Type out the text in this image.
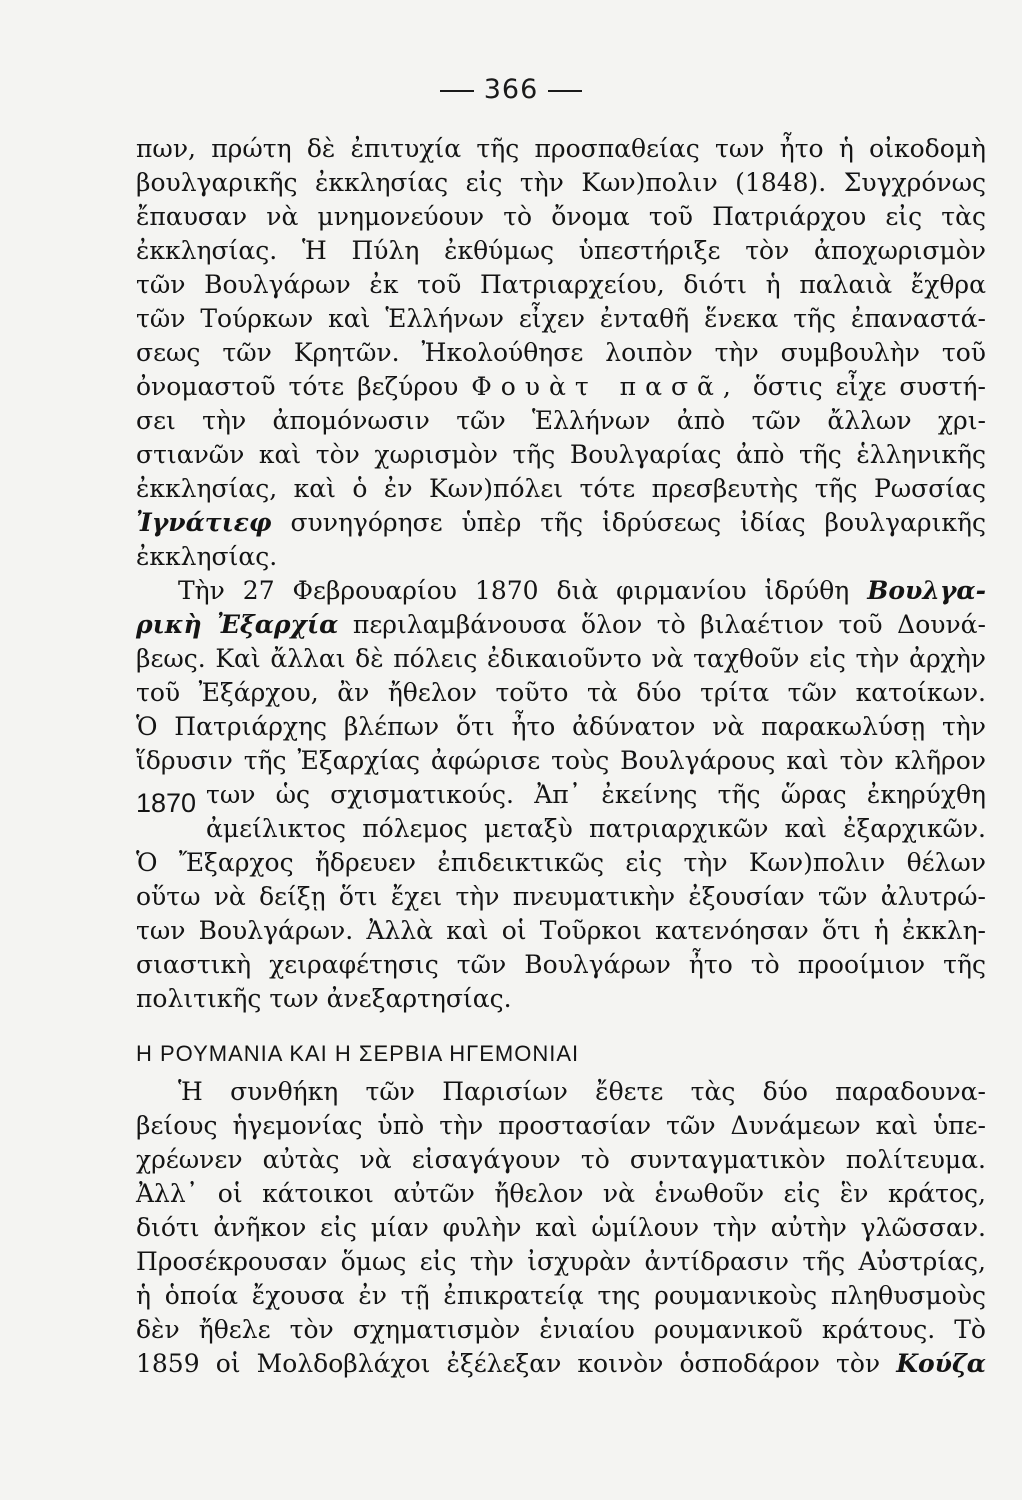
366
πων, πρώτη δὲ ἐπιτυχία τῆς προσπαθείας των ἦτο ἡ οἰκοδομὴ
βουλγαρικῆς ἐκκλησίας εἰς τὴν Κων)πολιν (1848). Συγχρόνως
ἔπαυσαν νὰ μνημονεύουν τὸ ὄνομα τοῦ Πατριάρχου εἰς τὰς
ἐκκλησίας. Ἡ Πύλη ἐκθύμως ὑπεστήριξε τὸν ἀποχωρισμὸν
τῶν Βουλγάρων ἐκ τοῦ Πατριαρχείου, διότι ἡ παλαιὰ ἔχθρα
τῶν Τούρκων καὶ Ἑλλήνων εἶχεν ἐνταθῆ ἕνεκα τῆς ἐπαναστά-
σεως τῶν Κρητῶν. Ἠκολούθησε λοιπὸν τὴν συμβουλὴν τοῦ
ὀνομαστοῦ τότε βεζύρου Φουὰτ πασᾶ, ὅστις εἶχε συστή-
σει τὴν ἀπομόνωσιν τῶν Ἑλλήνων ἀπὸ τῶν ἄλλων χρι-
στιανῶν καὶ τὸν χωρισμὸν τῆς Βουλγαρίας ἀπὸ τῆς ἑλληνικῆς
ἐκκλησίας, καὶ ὁ ἐν Κων)πόλει τότε πρεσβευτὴς τῆς Ρωσσίας
Ἰγνάτιεφ συνηγόρησε ὑπὲρ τῆς ἱδρύσεως ἰδίας βουλγαρικῆς
ἐκκλησίας.
Τὴν 27 Φεβρουαρίου 1870 διὰ φιρμανίου ἱδρύθη Βουλγα-
ρικὴ Ἐξαρχία περιλαμβάνουσα ὅλον τὸ βιλαέτιον τοῦ Δουνά-
βεως. Καὶ ἄλλαι δὲ πόλεις ἐδικαιοῦντο νὰ ταχθοῦν εἰς τὴν ἀρχὴν
τοῦ Ἐξάρχου, ἂν ἤθελον τοῦτο τὰ δύο τρίτα τῶν κατοίκων.
Ὁ Πατριάρχης βλέπων ὅτι ἦτο ἀδύνατον νὰ παρακωλύσῃ τὴν
ἵδρυσιν τῆς Ἐξαρχίας ἀφώρισε τοὺς Βουλγάρους καὶ τὸν κλῆρον
των ὡς σχισματικούς. Ἀπ᾽ ἐκείνης τῆς ὥρας ἐκηρύχθη
ἀμείλικτος πόλεμος μεταξὺ πατριαρχικῶν καὶ ἐξαρχικῶν.
Ὁ Ἔξαρχος ἤδρευεν ἐπιδεικτικῶς εἰς τὴν Κων)πολιν θέλων
οὕτω νὰ δείξῃ ὅτι ἔχει τὴν πνευματικὴν ἐξουσίαν τῶν ἀλυτρώ-
των Βουλγάρων. Ἀλλὰ καὶ οἱ Τοῦρκοι κατενόησαν ὅτι ἡ ἐκκλη-
σιαστικὴ χειραφέτησις τῶν Βουλγάρων ἦτο τὸ προοίμιον τῆς
πολιτικῆς των ἀνεξαρτησίας.
1870
Η ΡΟΥΜΑΝΙΑ ΚΑΙ Η ΣΕΡΒΙΑ ΗΓΕΜΟΝΙΑΙ
Ἡ συνθήκη τῶν Παρισίων ἔθετε τὰς δύο παραδουνα-
βείους ἡγεμονίας ὑπὸ τὴν προστασίαν τῶν Δυνάμεων καὶ ὑπε-
χρέωνεν αὐτὰς νὰ εἰσαγάγουν τὸ συνταγματικὸν πολίτευμα.
Ἀλλ᾽ οἱ κάτοικοι αὐτῶν ἤθελον νὰ ἑνωθοῦν εἰς ἓν κράτος,
διότι ἀνῆκον εἰς μίαν φυλὴν καὶ ὡμίλουν τὴν αὐτὴν γλῶσσαν.
Προσέκρουσαν ὅμως εἰς τὴν ἰσχυρὰν ἀντίδρασιν τῆς Αὐστρίας,
ἡ ὁποία ἔχουσα ἐν τῇ ἐπικρατείᾳ της ρουμανικοὺς πληθυσμοὺς
δὲν ἤθελε τὸν σχηματισμὸν ἑνιαίου ρουμανικοῦ κράτους. Τὸ
1859 οἱ Μολδοβλάχοι ἐξέλεξαν κοινὸν ὁσποδάρον τὸν Κούζα
